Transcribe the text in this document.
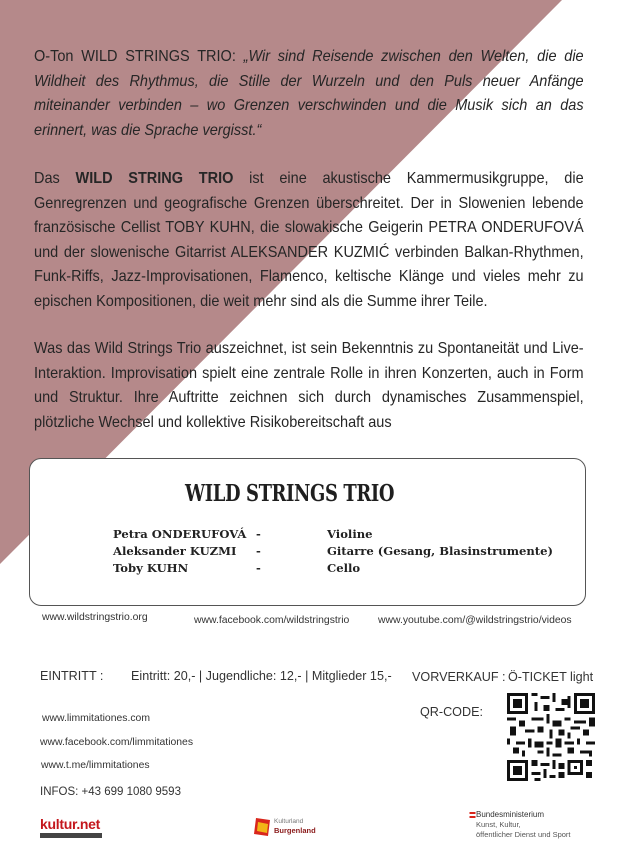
O-Ton WILD STRINGS TRIO: „Wir sind Reisende zwischen den Welten, die die Wildheit des Rhythmus, die Stille der Wurzeln und den Puls neuer Anfänge miteinander verbinden – wo Grenzen verschwinden und die Musik sich an das erinnert, was die Sprache vergisst.“

Das WILD STRING TRIO ist eine akustische Kammermusikgruppe, die Genregrenzen und geografische Grenzen überschreitet. Der in Slowenien lebende französische Cellist TOBY KUHN, die slowakische Geigerin PETRA ONDERUFOVÁ und der slowenische Gitarrist ALEKSANDER KUZMIĆ verbinden Balkan-Rhythmen, Funk-Riffs, Jazz-Improvisationen, Flamenco, keltische Klänge und vieles mehr zu epischen Kompositionen, die weit mehr sind als die Summe ihrer Teile.

Was das Wild Strings Trio auszeichnet, ist sein Bekenntnis zu Spontaneität und Live-Interaktion. Improvisation spielt eine zentrale Rolle in ihren Konzerten, auch in Form und Struktur. Ihre Auftritte zeichnen sich durch dynamisches Zusammenspiel, plötzliche Wechsel und kollektive Risikobereitschaft aus

WILD STRINGS TRIO
Petra ONDERUFOVÁ -	Violine
Aleksander KUZMI -	Gitarre (Gesang, Blasinstrumente)
Toby KUHN	-	Cello
www.wildstringstrio.org	www.facebook.com/wildstringstrio	www.youtube.com/@wildstringstrio/videos
EINTRITT : Eintritt: 20,- | Jugendliche: 12,- | Mitglieder 15,- VORVERKAUF : Ö-TICKET light
QR-CODE:
www.limmitationes.com
www.facebook.com/limmitationes
www.t.me/limmitationes
INFOS: +43 699 1080 9593
kultur.net	Kulturland
Burgenland
Bundesministerium
Kunst, Kultur,
öffentlicher Dienst und Sport
